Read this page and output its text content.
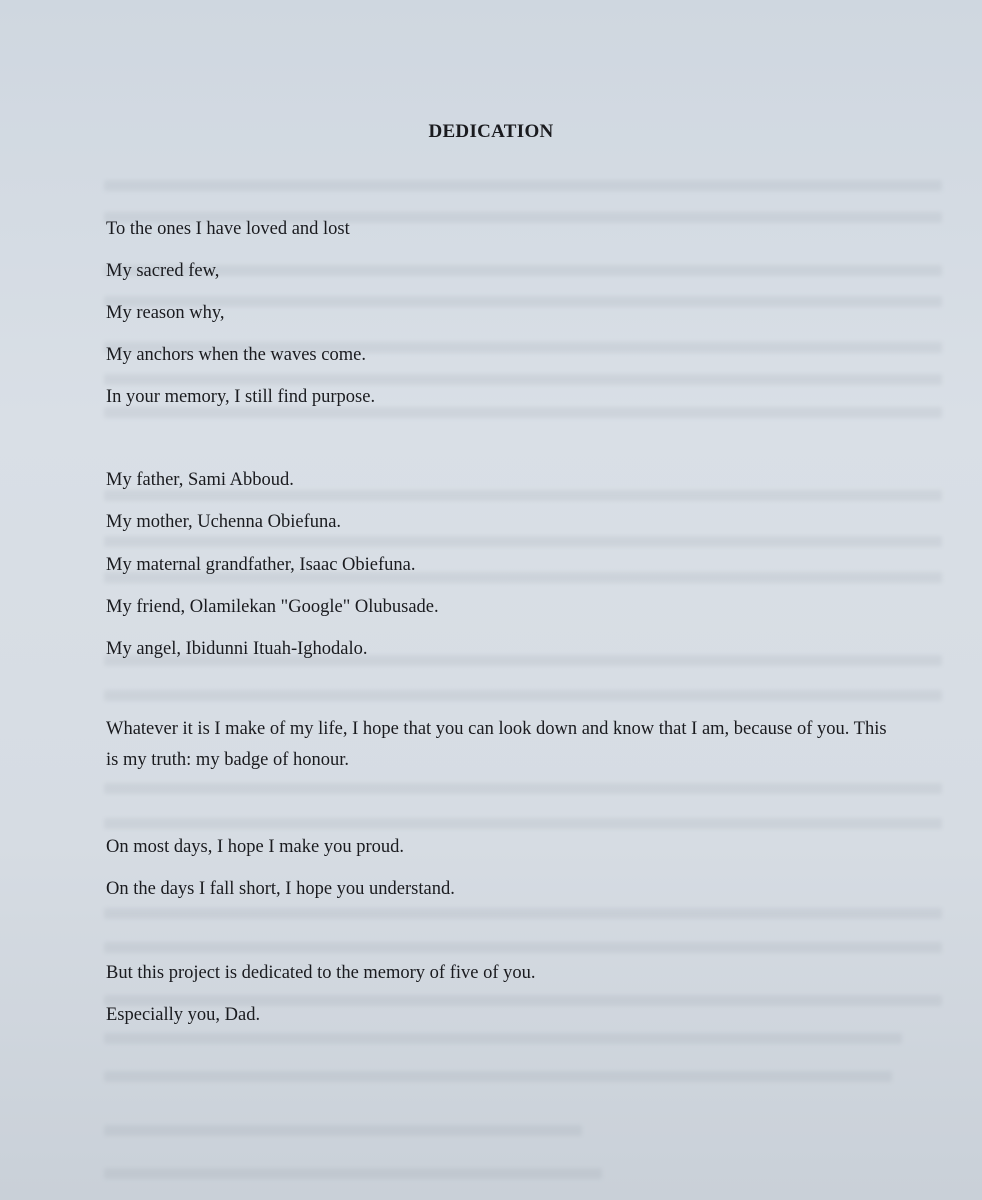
DEDICATION
To the ones I have loved and lost
My sacred few,
My reason why,
My anchors when the waves come.
In your memory, I still find purpose.
My father, Sami Abboud.
My mother, Uchenna Obiefuna.
My maternal grandfather, Isaac Obiefuna.
My friend, Olamilekan "Google" Olubusade.
My angel, Ibidunni Ituah-Ighodalo.
Whatever it is I make of my life, I hope that you can look down and know that I am, because of you. This is my truth: my badge of honour.
On most days, I hope I make you proud.
On the days I fall short, I hope you understand.
But this project is dedicated to the memory of five of you.
Especially you, Dad.
